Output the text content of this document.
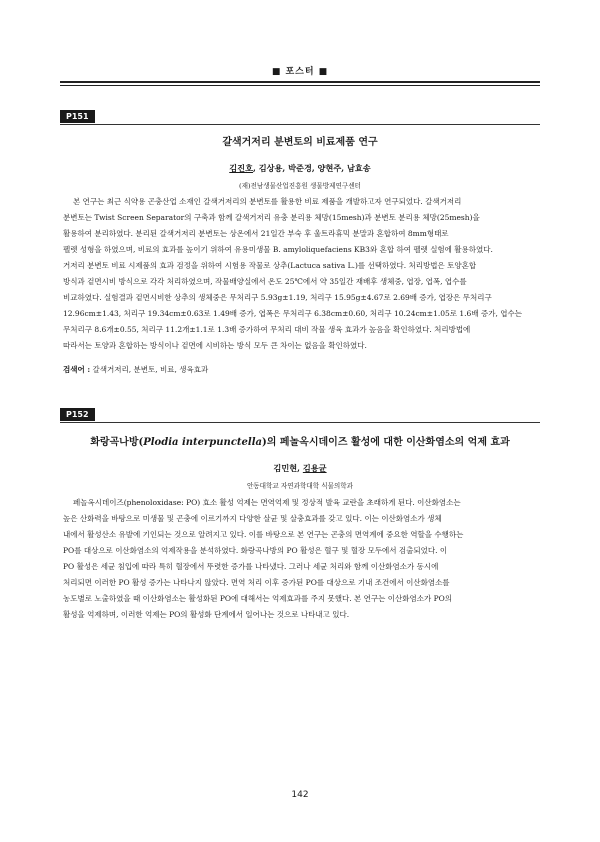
■ 포스터 ■
P151
갈색거저리 분변토의 비료제품 연구
김진호, 김상용, 박준경, 양현주, 남효송
(재)전남생물산업진흥원 생물방제연구센터
본 연구는 최근 식약용 곤충산업 소재인 갈색거저리의 분변토를 활용한 비료 제품을 개발하고자 연구되었다. 갈색거저리
분변토는 Twist Screen Separator의 구축과 함께 갈색거저리 유충 분리용 체망(15mesh)과 분변토 분리용 체망(25mesh)을
활용하여 분리하였다. 분리된 갈색거저리 분변토는 상온에서 21일간 부숙 후 울트라휴믹 분말과 혼합하여 8mm형태로
펠렛 성형을 하였으며, 비료의 효과를 높이기 위하여 유용미생물 B. amyloliquefaciens KB3와 혼합 하여 펠렛 실험에 활용하였다.
거저리 분변토 비료 시제품의 효과 검정을 위하여 시험용 작물로 상추(Lactuca sativa L.)를 선택하였다. 처리방법은 토양혼합
방식과 겉면시비 방식으로 각각 처리하였으며, 작물배양실에서 온도 25℃에서 약 35일간 재배후 생체중, 엽장, 엽폭, 엽수를
비교하였다. 실험결과 겉면시비한 상추의 생체중은 무처리구 5.93g±1.19, 처리구 15.95g±4.67로 2.69배 증가, 엽장은 무처리구
12.96cm±1.43, 처리구 19.34cm±0.63로 1.49배 증가, 엽폭은 무처리구 6.38cm±0.60, 처리구 10.24cm±1.05로 1.6배 증가, 엽수는
무처리구 8.6개±0.55, 처리구 11.2개±1.1로 1.3배 증가하여 무처리 대비 작물 생육 효과가 높음을 확인하였다. 처리방법에
따라서는 토양과 혼합하는 방식이나 겉면에 시비하는 방식 모두 큰 차이는 없음을 확인하였다.
검색어 : 갈색거저리, 분변토, 비료, 생육효과
P152
화랑곡나방(Plodia interpunctella)의 페놀옥시데이즈 활성에 대한 이산화염소의 억제 효과
김민현, 김용균
안동대학교 자연과학대학 식물의학과
페놀옥시데이즈(phenoloxidase: PO) 효소 활성 억제는 면역억제 및 정상적 발육 교란을 초래하게 된다. 이산화염소는
높은 산화력을 바탕으로 미생물 및 곤충에 이르기까지 다양한 살균 및 살충효과를 갖고 있다. 이는 이산화염소가 생체
내에서 활성산소 유발에 기인되는 것으로 알려지고 있다. 이를 바탕으로 본 연구는 곤충의 면역계에 중요한 역할을 수행하는
PO를 대상으로 이산화염소의 억제작용을 분석하였다. 화랑곡나방의 PO 활성은 혈구 및 혈장 모두에서 검출되었다. 이
PO 활성은 세균 침입에 따라 특히 혈장에서 뚜렷한 증가를 나타냈다. 그러나 세균 처리와 함께 이산화염소가 동시에
처리되면 이러한 PO 활성 증가는 나타나지 않았다. 면역 처리 이후 증가된 PO를 대상으로 기내 조건에서 이산화염소를
농도별로 노출하였을 때 이산화염소는 활성화된 PO에 대해서는 억제효과를 주지 못했다. 본 연구는 이산화염소가 PO의
활성을 억제하며, 이러한 억제는 PO의 활성화 단계에서 일어나는 것으로 나타내고 있다.
142
